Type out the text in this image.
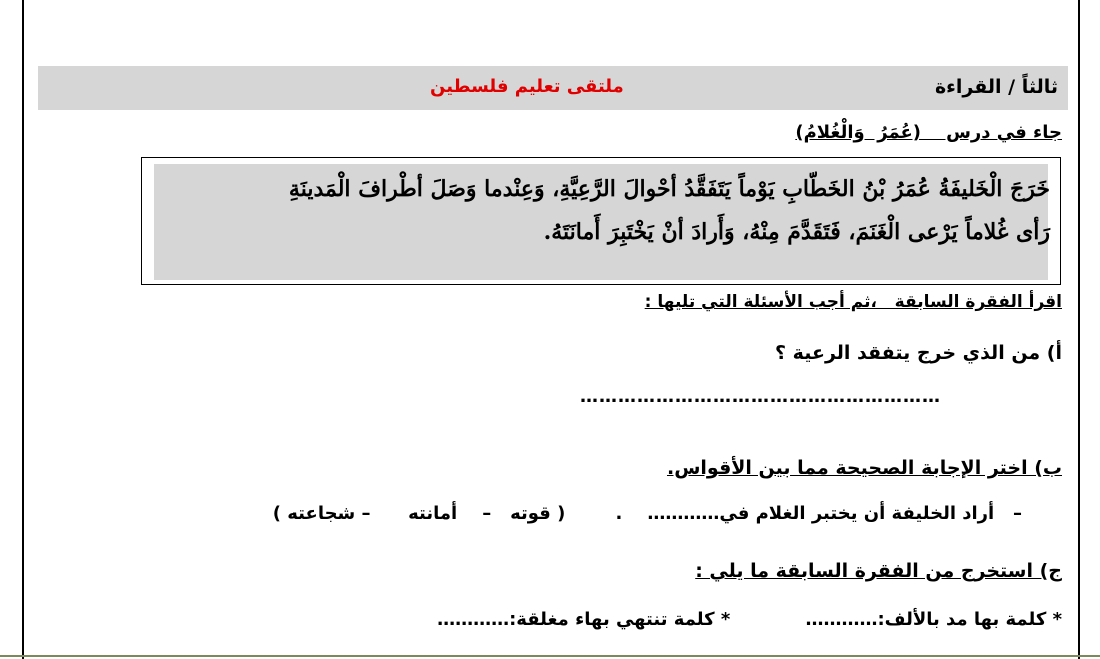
ثالثاً / القراءة
ملتقى تعليم فلسطين
جاء في درس    (عُمَرُ  وَالْغُلامُ)
خَرَجَ الْخَليفَةُ عُمَرُ بْنُ الخَطّابِ يَوْماً يَتَفَقَّدُ أحْوالَ الرَّعِيَّةِ، وَعِنْدما وَصَلَ أطْرافَ الْمَدينَةِ
رَأى غُلاماً يَرْعى الْغَنَمَ، فَتَقَدَّمَ مِنْهُ، وَأَرادَ أنْ يَخْتَبِرَ أَمانَتَهُ.
اقرأ الفقرة السابقة   ،ثم أجب الأسئلة التي تليها :
أ) من الذي خرج يتفقد الرعية ؟
…………………………………………………
ب) اختر الإجابة الصحيحة مما بين الأقواس.
–   أراد الخليفة أن يختبر الغلام في…………    .        ( قوته   –    أمانته      – شجاعته )
ج) استخرج من الفقرة السابقة ما يلي :
* كلمة بها مد بالألف:…………            * كلمة تنتهي بهاء مغلقة:…………
